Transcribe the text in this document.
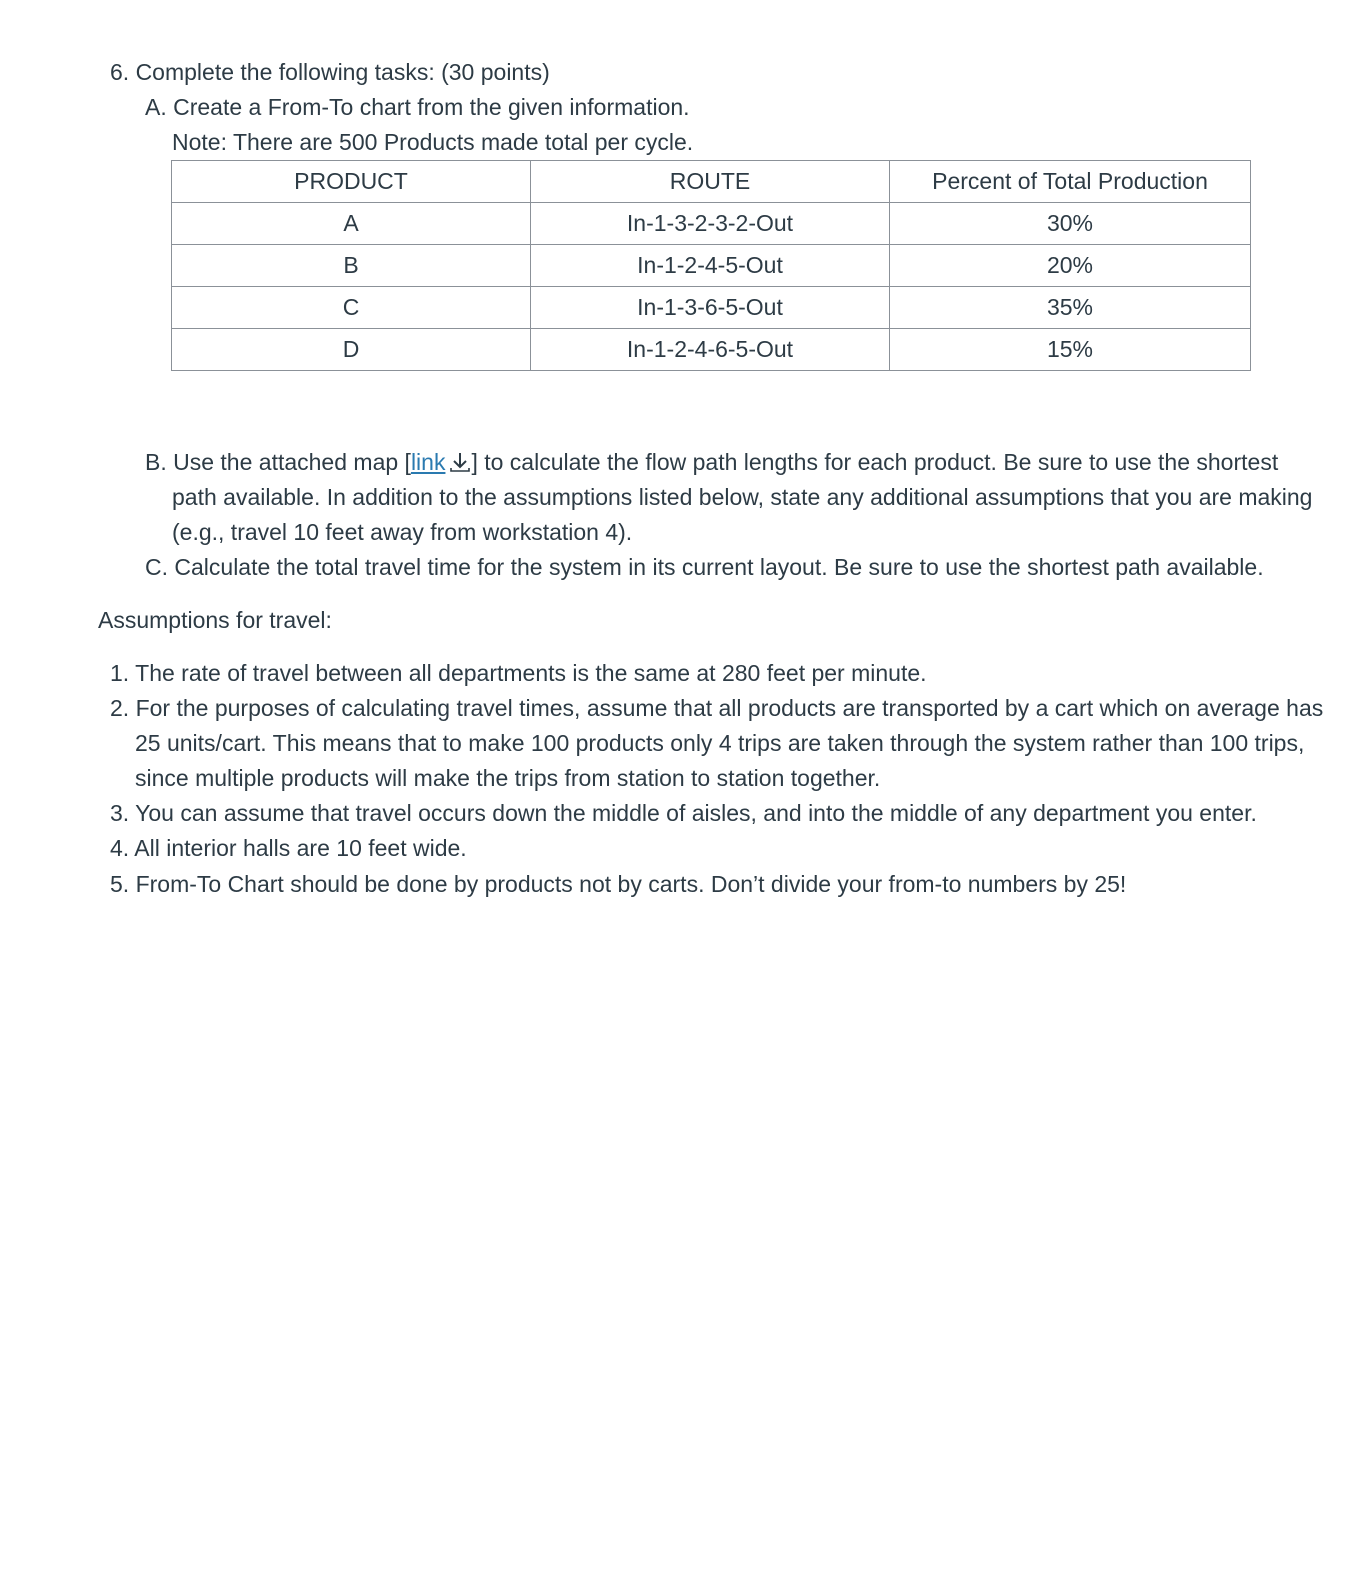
6. Complete the following tasks: (30 points)
A. Create a From-To chart from the given information.
Note: There are 500 Products made total per cycle.
PRODUCT	ROUTE	Percent of Total Production
A	In-1-3-2-3-2-Out	30%
B	In-1-2-4-5-Out	20%
C	In-1-3-6-5-Out	35%
D	In-1-2-4-6-5-Out	15%
B. Use the attached map [link ] to calculate the flow path lengths for each product. Be sure to use the shortest
path available. In addition to the assumptions listed below, state any additional assumptions that you are making
(e.g., travel 10 feet away from workstation 4).
C. Calculate the total travel time for the system in its current layout. Be sure to use the shortest path available.
Assumptions for travel:
1. The rate of travel between all departments is the same at 280 feet per minute.
2. For the purposes of calculating travel times, assume that all products are transported by a cart which on average has
25 units/cart. This means that to make 100 products only 4 trips are taken through the system rather than 100 trips,
since multiple products will make the trips from station to station together.
3. You can assume that travel occurs down the middle of aisles, and into the middle of any department you enter.
4. All interior halls are 10 feet wide.
5. From-To Chart should be done by products not by carts. Don’t divide your from-to numbers by 25!
